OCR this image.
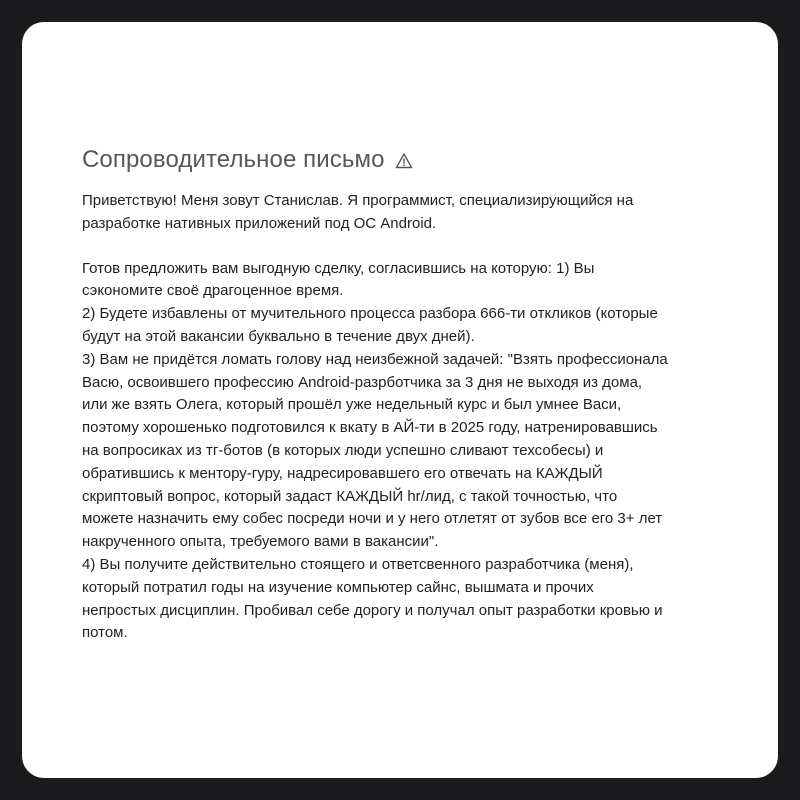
Сопроводительное письмо

Приветствую! Меня зовут Станислав. Я программист, специализирующийся на

разработке нативных приложений под ОС Android.

Готов предложить вам выгодную сделку, согласившись на которую: 1) Вы

сэкономите своё драгоценное время.

2) Будете избавлены от мучительного процесса разбора 666-ти откликов (которые

будут на этой вакансии буквально в течение двух дней).

3) Вам не придётся ломать голову над неизбежной задачей: "Взять профессионала

Васю, освоившего профессию Android-разрботчика за 3 дня не выходя из дома,

или же взять Олега, который прошёл уже недельный курс и был умнее Васи,

поэтому хорошенько подготовился к вкату в АЙ-ти в 2025 году, натренировавшись

на вопросиках из тг-ботов (в которых люди успешно сливают техсобесы) и

обратившись к ментору-гуру, надресировавшего его отвечать на КАЖДЫЙ

скриптовый вопрос, который задаст КАЖДЫЙ hr/лид, с такой точностью, что

можете назначить ему собес посреди ночи и у него отлетят от зубов все его 3+ лет

накрученного опыта, требуемого вами в вакансии".

4) Вы получите действительно стоящего и ответсвенного разработчика (меня),

который потратил годы на изучение компьютер сайнс, вышмата и прочих

непростых дисциплин. Пробивал себе дорогу и получал опыт разработки кровью и

потом.
